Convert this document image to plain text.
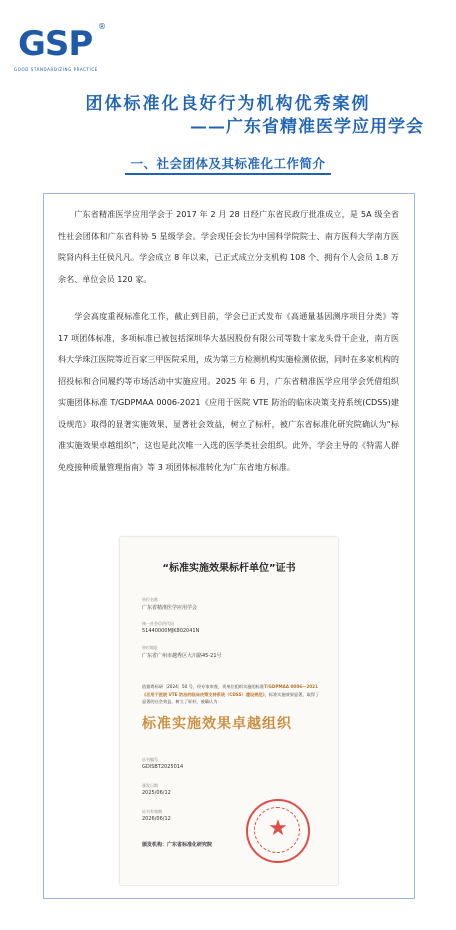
GSP ®
GOOD STANDARDIZING PRACTICE
团体标准化良好行为机构优秀案例
——广东省精准医学应用学会
一、社会团体及其标准化工作简介

广东省精准医学应用学会于 2017 年 2 月 28 日经广东省民政厅批准成立，是 5A 级全省性社会团体和广东省科协 5 星级学会。学会现任会长为中国科学院院士、南方医科大学南方医院肾内科主任侯凡凡。学会成立 8 年以来，已正式成立分支机构 108 个、拥有个人会员 1.8 万余名、单位会员 120 家。

学会高度重视标准化工作，截止到目前，学会已正式发布《高通量基因测序项目分类》等 17 项团体标准，多项标准已被包括深圳华大基因股份有限公司等数十家龙头骨干企业，南方医科大学珠江医院等近百家三甲医院采用，成为第三方检测机构实施检测依据，同时在多家机构的招投标和合同履约等市场活动中实施应用。2025 年 6 月，广东省精准医学应用学会凭借组织实施团体标准 T/GDPMAA 0006-2021《应用于医院 VTE 防治的临床决策支持系统(CDSS)建设规范》取得的显著实施效果、显著社会效益，树立了标杆，被广东省标准化研究院确认为“标准实施效果卓越组织”，这也是此次唯一入选的医学类社会组织。此外，学会主导的《特需人群免疫接种质量管理指南》等 3 项团体标准转化为广东省地方标准。

“标准实施效果标杆单位”证书
单位名称
广东省精准医学应用学会
统一社会信用代码
51440000MJK802041N
单位地址
广东省广州市越秀区大川路45-21号

依据粤标研〔2024〕50 号，经专家审查，贵单位组织实施的标准T/GDPMAA 0006—2021《应用于医院 VTE 防治的临床决策支持系统（CDSS）建设规范》，标准实施效果显著，取得了显著的社会效益，树立了标杆，被确认为：

标准实施效果卓越组织
证书编号
GDISBT2025014
颁发日期
2025/06/12
证书有效期
2026/06/12	★
颁发机构：广东省标准化研究院
